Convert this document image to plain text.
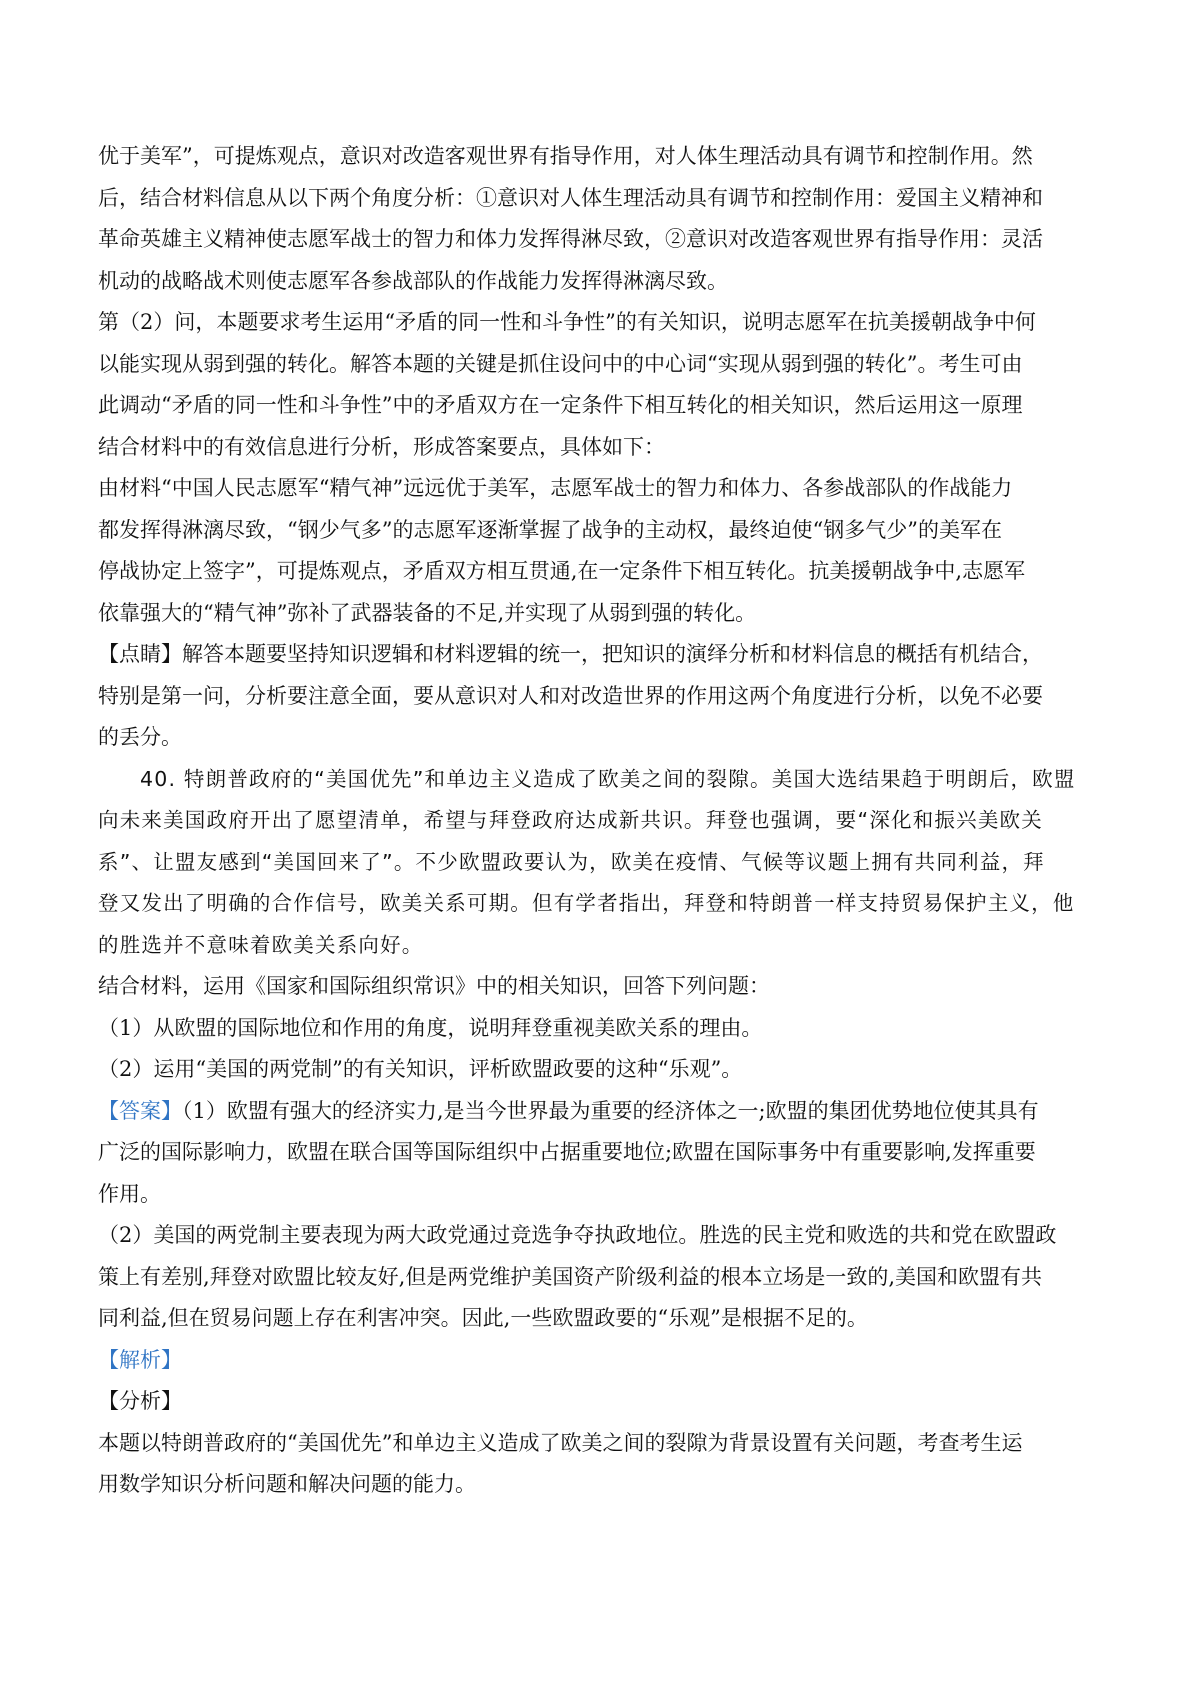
优于美军”，可提炼观点，意识对改造客观世界有指导作用，对人体生理活动具有调节和控制作用。然
后，结合材料信息从以下两个角度分析：①意识对人体生理活动具有调节和控制作用：爱国主义精神和
革命英雄主义精神使志愿军战士的智力和体力发挥得淋尽致，②意识对改造客观世界有指导作用：灵活
机动的战略战术则使志愿军各参战部队的作战能力发挥得淋漓尽致。
第（2）问，本题要求考生运用“矛盾的同一性和斗争性”的有关知识，说明志愿军在抗美援朝战争中何
以能实现从弱到强的转化。解答本题的关键是抓住设问中的中心词“实现从弱到强的转化”。考生可由
此调动“矛盾的同一性和斗争性”中的矛盾双方在一定条件下相互转化的相关知识，然后运用这一原理
结合材料中的有效信息进行分析，形成答案要点，具体如下：
由材料“中国人民志愿军“精气神”远远优于美军，志愿军战士的智力和体力、各参战部队的作战能力
都发挥得淋漓尽致，“钢少气多”的志愿军逐渐掌握了战争的主动权，最终迫使“钢多气少”的美军在
停战协定上签字”，可提炼观点，矛盾双方相互贯通,在一定条件下相互转化。抗美援朝战争中,志愿军
依靠强大的“精气神”弥补了武器装备的不足,并实现了从弱到强的转化。
【点睛】解答本题要坚持知识逻辑和材料逻辑的统一，把知识的演绎分析和材料信息的概括有机结合，
特别是第一问，分析要注意全面，要从意识对人和对改造世界的作用这两个角度进行分析，以免不必要
的丢分。
40. 特朗普政府的“美国优先”和单边主义造成了欧美之间的裂隙。美国大选结果趋于明朗后，欧盟
向未来美国政府开出了愿望清单，希望与拜登政府达成新共识。拜登也强调，要“深化和振兴美欧关
系”、让盟友感到“美国回来了”。不少欧盟政要认为，欧美在疫情、气候等议题上拥有共同利益，拜
登又发出了明确的合作信号，欧美关系可期。但有学者指出，拜登和特朗普一样支持贸易保护主义，他
的胜选并不意味着欧美关系向好。
结合材料，运用《国家和国际组织常识》中的相关知识，回答下列问题：
（1）从欧盟的国际地位和作用的角度，说明拜登重视美欧关系的理由。
（2）运用“美国的两党制”的有关知识，评析欧盟政要的这种“乐观”。
【答案】（1）欧盟有强大的经济实力,是当今世界最为重要的经济体之一;欧盟的集团优势地位使其具有
广泛的国际影响力，欧盟在联合国等国际组织中占据重要地位;欧盟在国际事务中有重要影响,发挥重要
作用。
（2）美国的两党制主要表现为两大政党通过竞选争夺执政地位。胜选的民主党和败选的共和党在欧盟政
策上有差别,拜登对欧盟比较友好,但是两党维护美国资产阶级利益的根本立场是一致的,美国和欧盟有共
同利益,但在贸易问题上存在利害冲突。因此,一些欧盟政要的“乐观”是根据不足的。
【解析】
【分析】
本题以特朗普政府的“美国优先”和单边主义造成了欧美之间的裂隙为背景设置有关问题，考查考生运
用数学知识分析问题和解决问题的能力。
